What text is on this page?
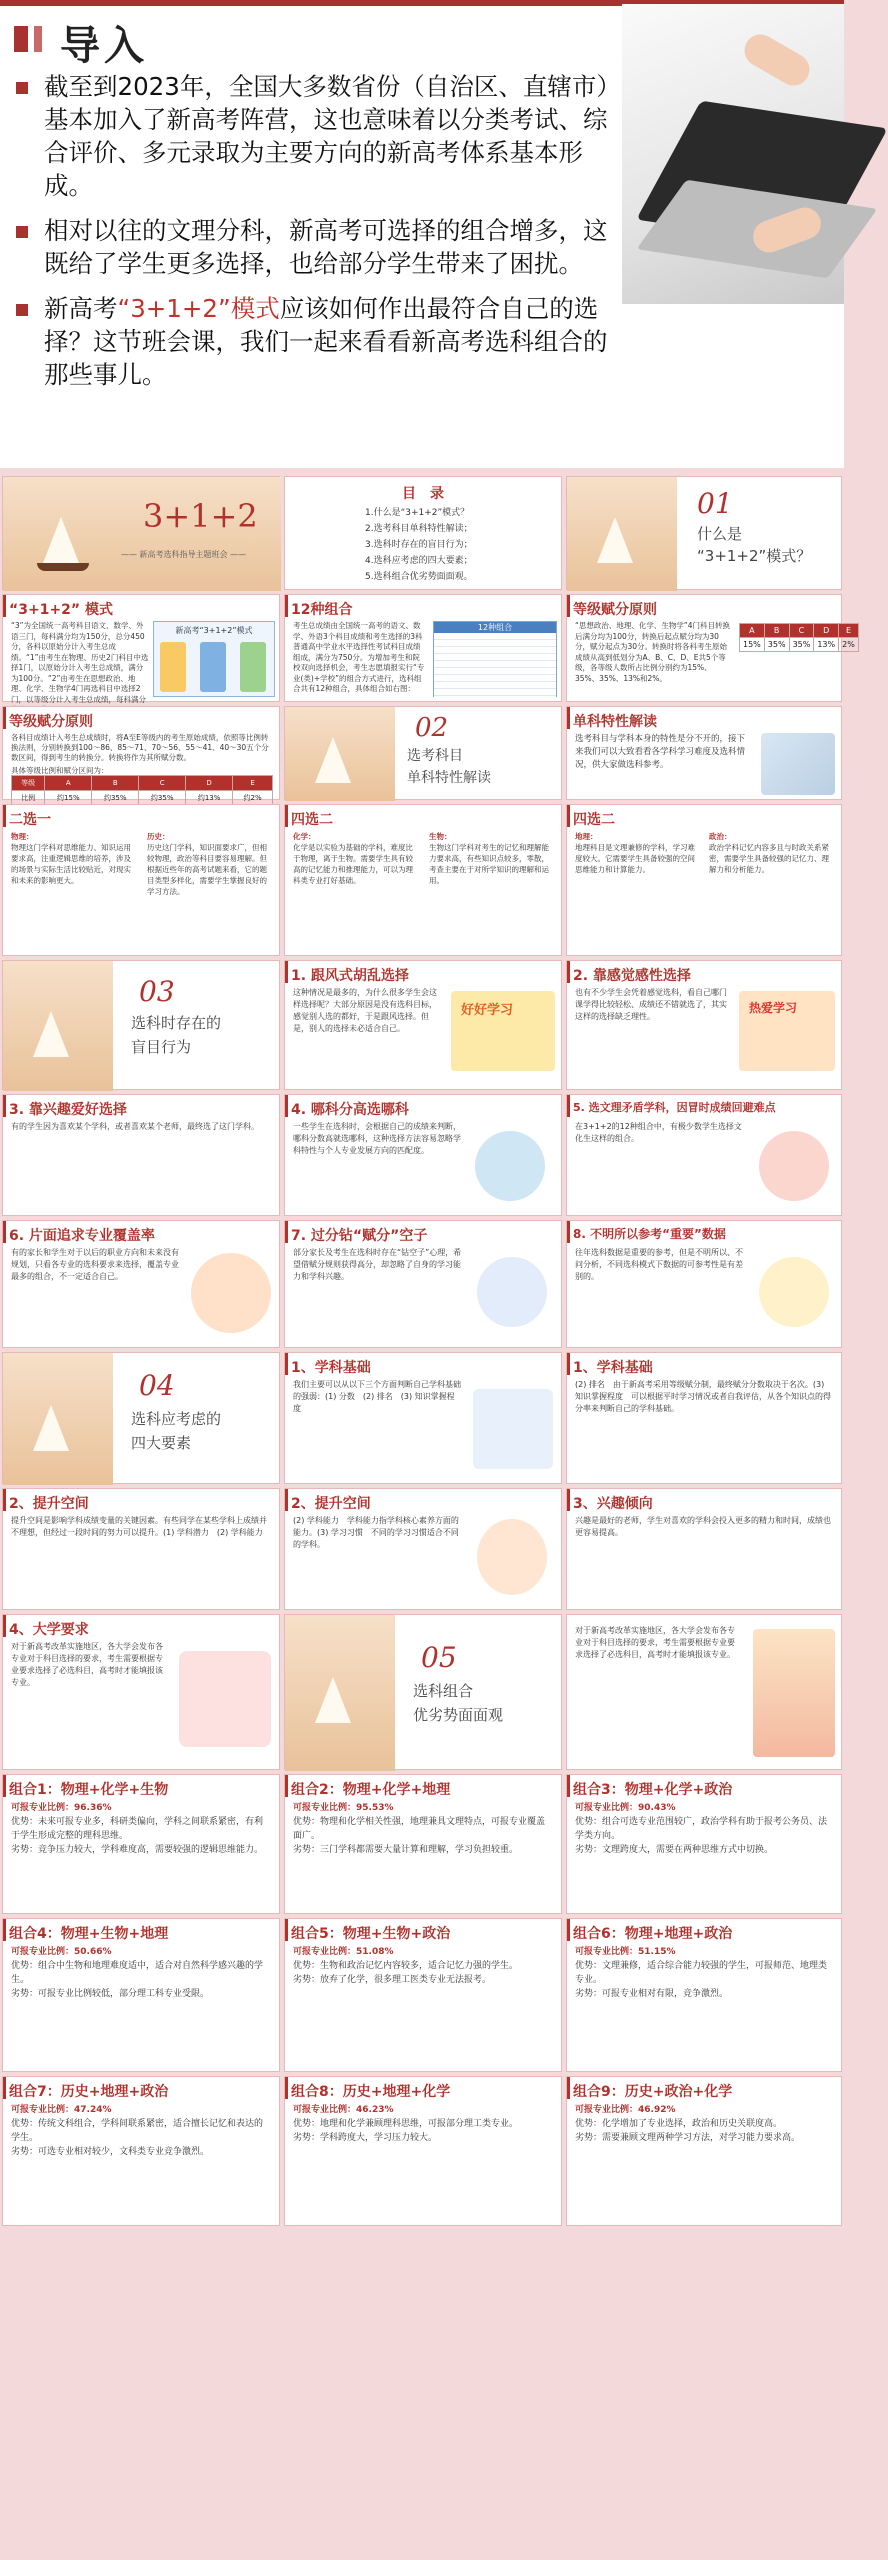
导入
截至到2023年，全国大多数省份（自治区、直辖市）基本加入了新高考阵营，这也意味着以分类考试、综合评价、多元录取为主要方向的新高考体系基本形成。
相对以往的文理分科，新高考可选择的组合增多，这既给了学生更多选择，也给部分学生带来了困扰。
新高考“3+1+2”模式应该如何作出最符合自己的选择？这节班会课，我们一起来看看新高考选科组合的那些事儿。
3+1+2
—— 新高考选科指导主题班会 ——
目　录
1.什么是“3+1+2”模式？
2.选考科目单科特性解读；
3.选科时存在的盲目行为；
4.选科应考虑的四大要素；
5.选科组合优劣势面面观。
01
什么是
“3+1+2”模式？
“3+1+2” 模式
“3”为全国统一高考科目语文、数学、外语三门，每科满分均为150分，总分450分，各科以原始分计入考生总成绩。“1”由考生在物理、历史2门科目中选择1门，以原始分计入考生总成绩，满分为100分。“2”由考生在思想政治、地理、化学、生物学4门再选科目中选择2门，以等级分计入考生总成绩，每科满分
新高考“3+1+2”模式
12种组合
考生总成绩由全国统一高考的语文、数学、外语3个科目成绩和考生选择的3科普通高中学业水平选择性考试科目成绩组成，满分为750分。为增加考生和院校双向选择机会，考生志愿填报实行“专业(类)+学校”的组合方式进行，选科组合共有12种组合，具体组合如右图：
12种组合
等级赋分原则
“思想政治、地理、化学、生物学”4门科目转换后满分均为100分，转换后起点赋分均为30分，赋分起点为30分。转换时将各科考生原始成绩从高到低划分为A、B、C、D、E共5个等级，各等级人数所占比例分别约为15%、35%、35%、13%和2%。
A	B	C	D	E
15%	35%	35%	13%	2%
等级赋分原则
各科目成绩计入考生总成绩时，将A至E等级内的考生原始成绩，依照等比例转换法则，分别转换到100～86、85～71、70～56、55～41、40～30五个分数区间，得到考生的转换分。转换将作为其所赋分数。
具体等级比例和赋分区间为：
等级	A	B	C	D	E
比例	约15%	约35%	约35%	约13%	约2%
02
选考科目
单科特性解读
单科特性解读
选考科目与学科本身的特性是分不开的，接下来我们可以大致看看各学科学习难度及选科情况，供大家做选科参考。
二选一
物理：
物理这门学科对思维能力、知识运用要求高，注重逻辑思维的培养，涉及的场景与实际生活比较贴近，对现实和未来的影响更大。
历史：
历史这门学科，知识面要求广，但相较物理，政治等科目要容易理解。但根据近些年的高考试题来看，它的题目类型多样化，需要学生掌握良好的学习方法。
四选二
化学：
化学是以实验为基础的学科，难度比于物理，离于生物。需要学生具有较高的记忆能力和推理能力，可以为理科类专业打好基础。
生物：
生物这门学科对考生的记忆和理解能力要求高，有些知识点较多，零散，考查主要在于对所学知识的理解和运用。
四选二
地理：
地理科目是文理兼修的学科，学习难度较大。它需要学生具备较强的空间思维能力和计算能力。
政治：
政治学科记忆内容多且与时政关系紧密，需要学生具备较强的记忆力、理解力和分析能力。
03
选科时存在的
盲目行为
1. 跟风式胡乱选择
这种情况是最多的，为什么很多学生会这样选择呢？大部分原因是没有选科目标，感觉别人选的都好，于是跟风选择。但是，别人的选择未必适合自己。
好好学习
2. 靠感觉感性选择
也有不少学生会凭着感觉选科，看自己哪门课学得比较轻松、成绩还不错就选了，其实这样的选择缺乏理性。
热爱学习
3. 靠兴趣爱好选择
有的学生因为喜欢某个学科，或者喜欢某个老师，最终选了这门学科。
4. 哪科分高选哪科
一些学生在选科时，会根据自己的成绩来判断，哪科分数高就选哪科，这种选择方法容易忽略学科特性与个人专业发展方向的匹配度。
5. 选文理矛盾学科，因冒时成绩回避难点
在3+1+2的12种组合中，有极少数学生选择文化生这样的组合。
6. 片面追求专业覆盖率
有的家长和学生对于以后的职业方向和未来没有规划，只看各专业的选科要求来选择，覆盖专业最多的组合，不一定适合自己。
7. 过分钻“赋分”空子
部分家长及考生在选科时存在“钻空子”心理，希望借赋分规则获得高分，却忽略了自身的学习能力和学科兴趣。
8. 不明所以参考“重要”数据
往年选科数据是重要的参考，但是不明所以、不问分析，不同选科模式下数据的可参考性是有差别的。
04
选科应考虑的
四大要素
1、学科基础
我们主要可以从以下三个方面判断自己学科基础的强弱：(1) 分数　(2) 排名　(3) 知识掌握程度
1、学科基础
(2) 排名　由于新高考采用等级赋分制，最终赋分分数取决于名次。(3) 知识掌握程度　可以根据平时学习情况或者自我评估，从各个知识点的得分率来判断自己的学科基础。
2、提升空间
提升空间是影响学科成绩变量的关键因素。有些同学在某些学科上成绩并不理想，但经过一段时间的努力可以提升。(1) 学科潜力　(2) 学科能力
2、提升空间
(2) 学科能力　学科能力指学科核心素养方面的能力。(3) 学习习惯　不同的学习习惯适合不同的学科。
3、兴趣倾向
兴趣是最好的老师，学生对喜欢的学科会投入更多的精力和时间，成绩也更容易提高。
4、大学要求
对于新高考改革实施地区，各大学会发布各专业对于科目选择的要求，考生需要根据专业要求选择了必选科目，高考时才能填报该专业。
05
选科组合
优劣势面面观
对于新高考改革实施地区，各大学会发布各专业对于科目选择的要求，考生需要根据专业要求选择了必选科目，高考时才能填报该专业。
组合1：物理+化学+生物
可报专业比例：96.36%
优势：未来可报专业多，科研类偏向，学科之间联系紧密，有利于学生形成完整的理科思维。
劣势：竞争压力较大，学科难度高，需要较强的逻辑思维能力。
组合2：物理+化学+地理
可报专业比例：95.53%
优势：物理和化学相关性强，地理兼具文理特点，可报专业覆盖面广。
劣势：三门学科都需要大量计算和理解，学习负担较重。
组合3：物理+化学+政治
可报专业比例：90.43%
优势：组合可选专业范围较广，政治学科有助于报考公务员、法学类方向。
劣势：文理跨度大，需要在两种思维方式中切换。
组合4：物理+生物+地理
可报专业比例：50.66%
优势：组合中生物和地理难度适中，适合对自然科学感兴趣的学生。
劣势：可报专业比例较低，部分理工科专业受限。
组合5：物理+生物+政治
可报专业比例：51.08%
优势：生物和政治记忆内容较多，适合记忆力强的学生。
劣势：放弃了化学，很多理工医类专业无法报考。
组合6：物理+地理+政治
可报专业比例：51.15%
优势：文理兼修，适合综合能力较强的学生，可报师范、地理类专业。
劣势：可报专业相对有限，竞争激烈。
组合7：历史+地理+政治
可报专业比例：47.24%
优势：传统文科组合，学科间联系紧密，适合擅长记忆和表达的学生。
劣势：可选专业相对较少，文科类专业竞争激烈。
组合8：历史+地理+化学
可报专业比例：46.23%
优势：地理和化学兼顾理科思维，可报部分理工类专业。
劣势：学科跨度大，学习压力较大。
组合9：历史+政治+化学
可报专业比例：46.92%
优势：化学增加了专业选择，政治和历史关联度高。
劣势：需要兼顾文理两种学习方法，对学习能力要求高。
